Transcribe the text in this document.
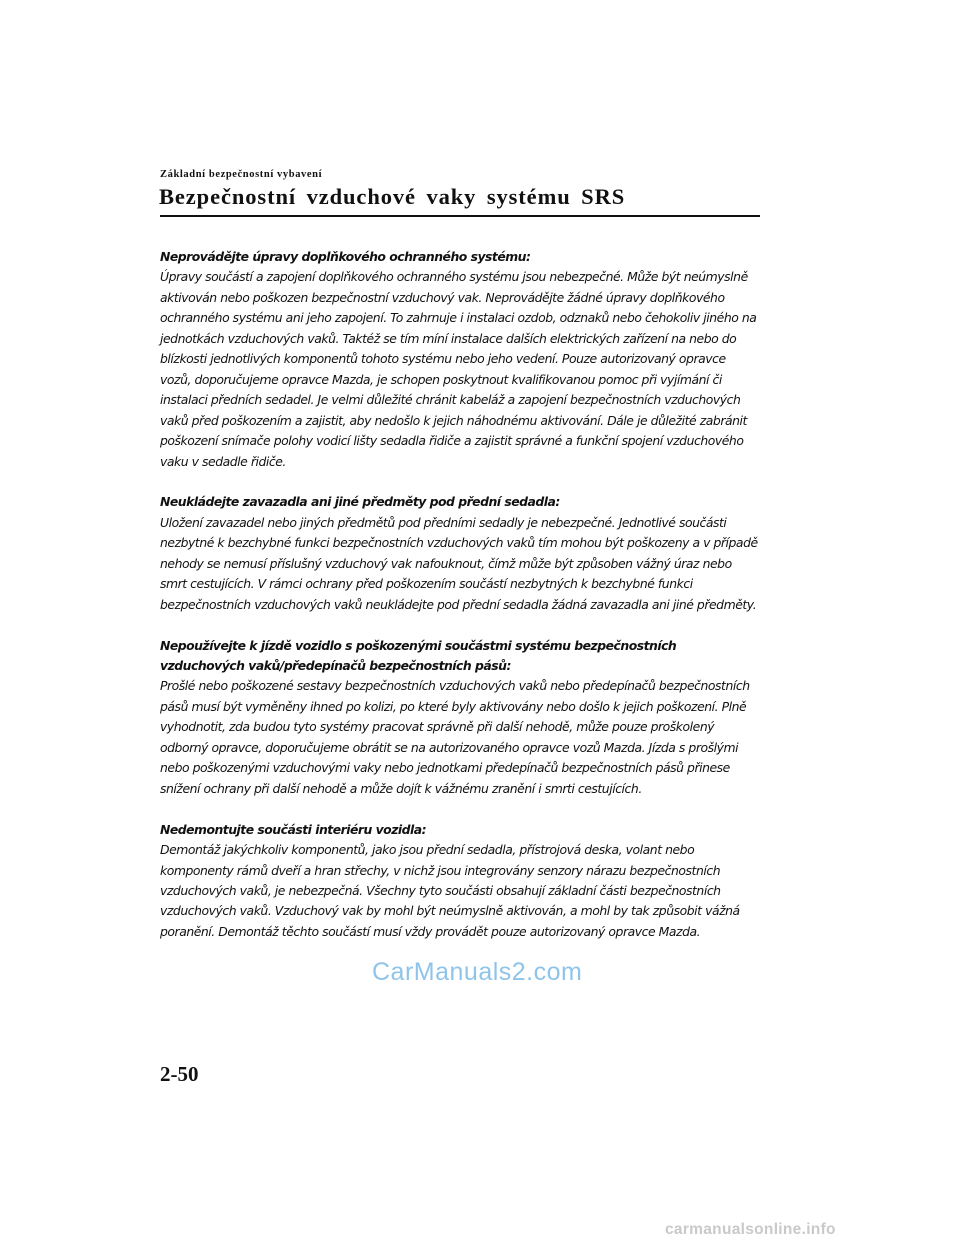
Základní bezpečnostní vybavení
Bezpečnostní vzduchové vaky systému SRS
Neprovádějte úpravy doplňkového ochranného systému:
Úpravy součástí a zapojení doplňkového ochranného systému jsou nebezpečné. Může být neúmyslně aktivován nebo poškozen bezpečnostní vzduchový vak. Neprovádějte žádné úpravy doplňkového ochranného systému ani jeho zapojení. To zahrnuje i instalaci ozdob, odznaků nebo čehokoliv jiného na jednotkách vzduchových vaků. Taktéž se tím míní instalace dalších elektrických zařízení na nebo do blízkosti jednotlivých komponentů tohoto systému nebo jeho vedení. Pouze autorizovaný opravce vozů, doporučujeme opravce Mazda, je schopen poskytnout kvalifikovanou pomoc při vyjímání či instalaci předních sedadel. Je velmi důležité chránit kabeláž a zapojení bezpečnostních vzduchových vaků před poškozením a zajistit, aby nedošlo k jejich náhodnému aktivování. Dále je důležité zabránit poškození snímače polohy vodicí lišty sedadla řidiče a zajistit správné a funkční spojení vzduchového vaku v sedadle řidiče.
Neukládejte zavazadla ani jiné předměty pod přední sedadla:
Uložení zavazadel nebo jiných předmětů pod předními sedadly je nebezpečné. Jednotlivé součásti nezbytné k bezchybné funkci bezpečnostních vzduchových vaků tím mohou být poškozeny a v případě nehody se nemusí příslušný vzduchový vak nafouknout, čímž může být způsoben vážný úraz nebo smrt cestujících. V rámci ochrany před poškozením součástí nezbytných k bezchybné funkci bezpečnostních vzduchových vaků neukládejte pod přední sedadla žádná zavazadla ani jiné předměty.
Nepoužívejte k jízdě vozidlo s poškozenými součástmi systému bezpečnostních vzduchových vaků/předepínačů bezpečnostních pásů:
Prošlé nebo poškozené sestavy bezpečnostních vzduchových vaků nebo předepínačů bezpečnostních pásů musí být vyměněny ihned po kolizi, po které byly aktivovány nebo došlo k jejich poškození. Plně vyhodnotit, zda budou tyto systémy pracovat správně při další nehodě, může pouze proškolený odborný opravce, doporučujeme obrátit se na autorizovaného opravce vozů Mazda. Jízda s prošlými nebo poškozenými vzduchovými vaky nebo jednotkami předepínačů bezpečnostních pásů přinese snížení ochrany při další nehodě a může dojít k vážnému zranění i smrti cestujících.
Nedemontujte součásti interiéru vozidla:
Demontáž jakýchkoliv komponentů, jako jsou přední sedadla, přístrojová deska, volant nebo komponenty rámů dveří a hran střechy, v nichž jsou integrovány senzory nárazu bezpečnostních vzduchových vaků, je nebezpečná. Všechny tyto součásti obsahují základní části bezpečnostních vzduchových vaků. Vzduchový vak by mohl být neúmyslně aktivován, a mohl by tak způsobit vážná poranění. Demontáž těchto součástí musí vždy provádět pouze autorizovaný opravce Mazda.
CarManuals2.com
2-50
carmanualsonline.info
